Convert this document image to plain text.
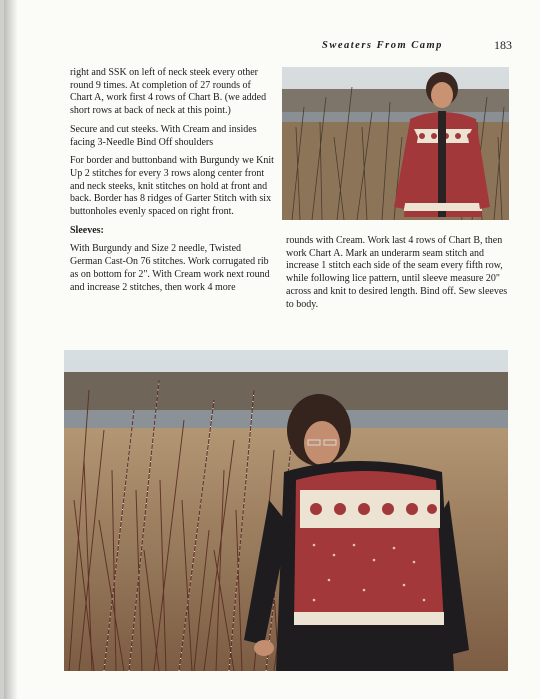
Sweaters From Camp	183

right and SSK on left of neck steek every other round 9 times. At completion of 27 rounds of Chart A, work first 4 rows of Chart B. (we added short rows at back of neck at this point.)

Secure and cut steeks. With Cream and insides facing 3-Needle Bind Off shoulders

For border and buttonband with Burgundy we Knit Up 2 stitches for every 3 rows along center front and neck steeks, knit stitches on hold at front and back. Border has 8 ridges of Garter Stitch with six buttonholes evenly spaced on right front.

Sleeves:

With Burgundy and Size 2 needle, Twisted German Cast-On 76 stitches. Work corrugated rib as on bottom for 2". With Cream work next round and increase 2 stitches, then work 4 more

rounds with Cream. Work last 4 rows of Chart B, then work Chart A. Mark an underarm seam stitch and increase 1 stitch each side of the seam every fifth row, while following lice pattern, until sleeve measure 20" across and knit to desired length. Bind off. Sew sleeves to body.
